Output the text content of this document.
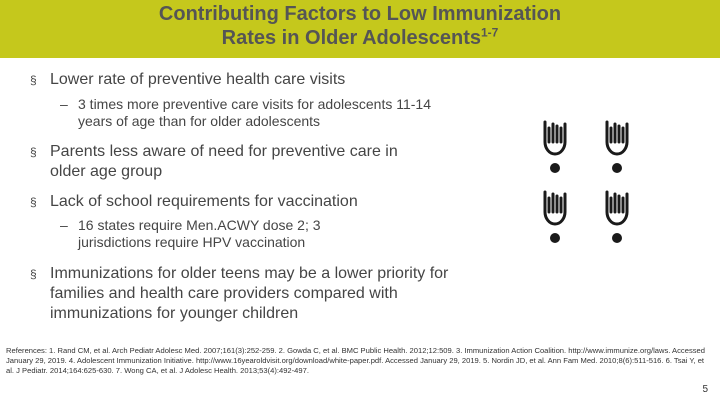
Contributing Factors to Low Immunization
Rates in Older Adolescents$^{1-7}$
§ Lower rate of preventive health care visits
– 3 times more preventive care visits for adolescents 11-14 years of age than for older adolescents
§ Parents less aware of need for preventive care in older age group
§ Lack of school requirements for vaccination
– 16 states require Men.ACWY dose 2; 3 jurisdictions require HPV vaccination
§ Immunizations for older teens may be a lower priority for families and health care providers compared with immunizations for younger children
References: 1. Rand CM, et al. Arch Pediatr Adolesc Med. 2007;161(3):252-259. 2. Gowda C, et al. BMC Public Health. 2012;12:509. 3. Immunization Action Coalition. http://www.immunize.org/laws. Accessed January 29, 2019. 4. Adolescent Immunization Initiative. http://www.16yearoldvisit.org/download/white-paper.pdf. Accessed January 29, 2019. 5. Nordin JD, et al. Ann Fam Med. 2010;8(6):511-516. 6. Tsai Y, et al. J Pediatr. 2014;164:625-630. 7. Wong CA, et al. J Adolesc Health. 2013;53(4):492-497.
5
